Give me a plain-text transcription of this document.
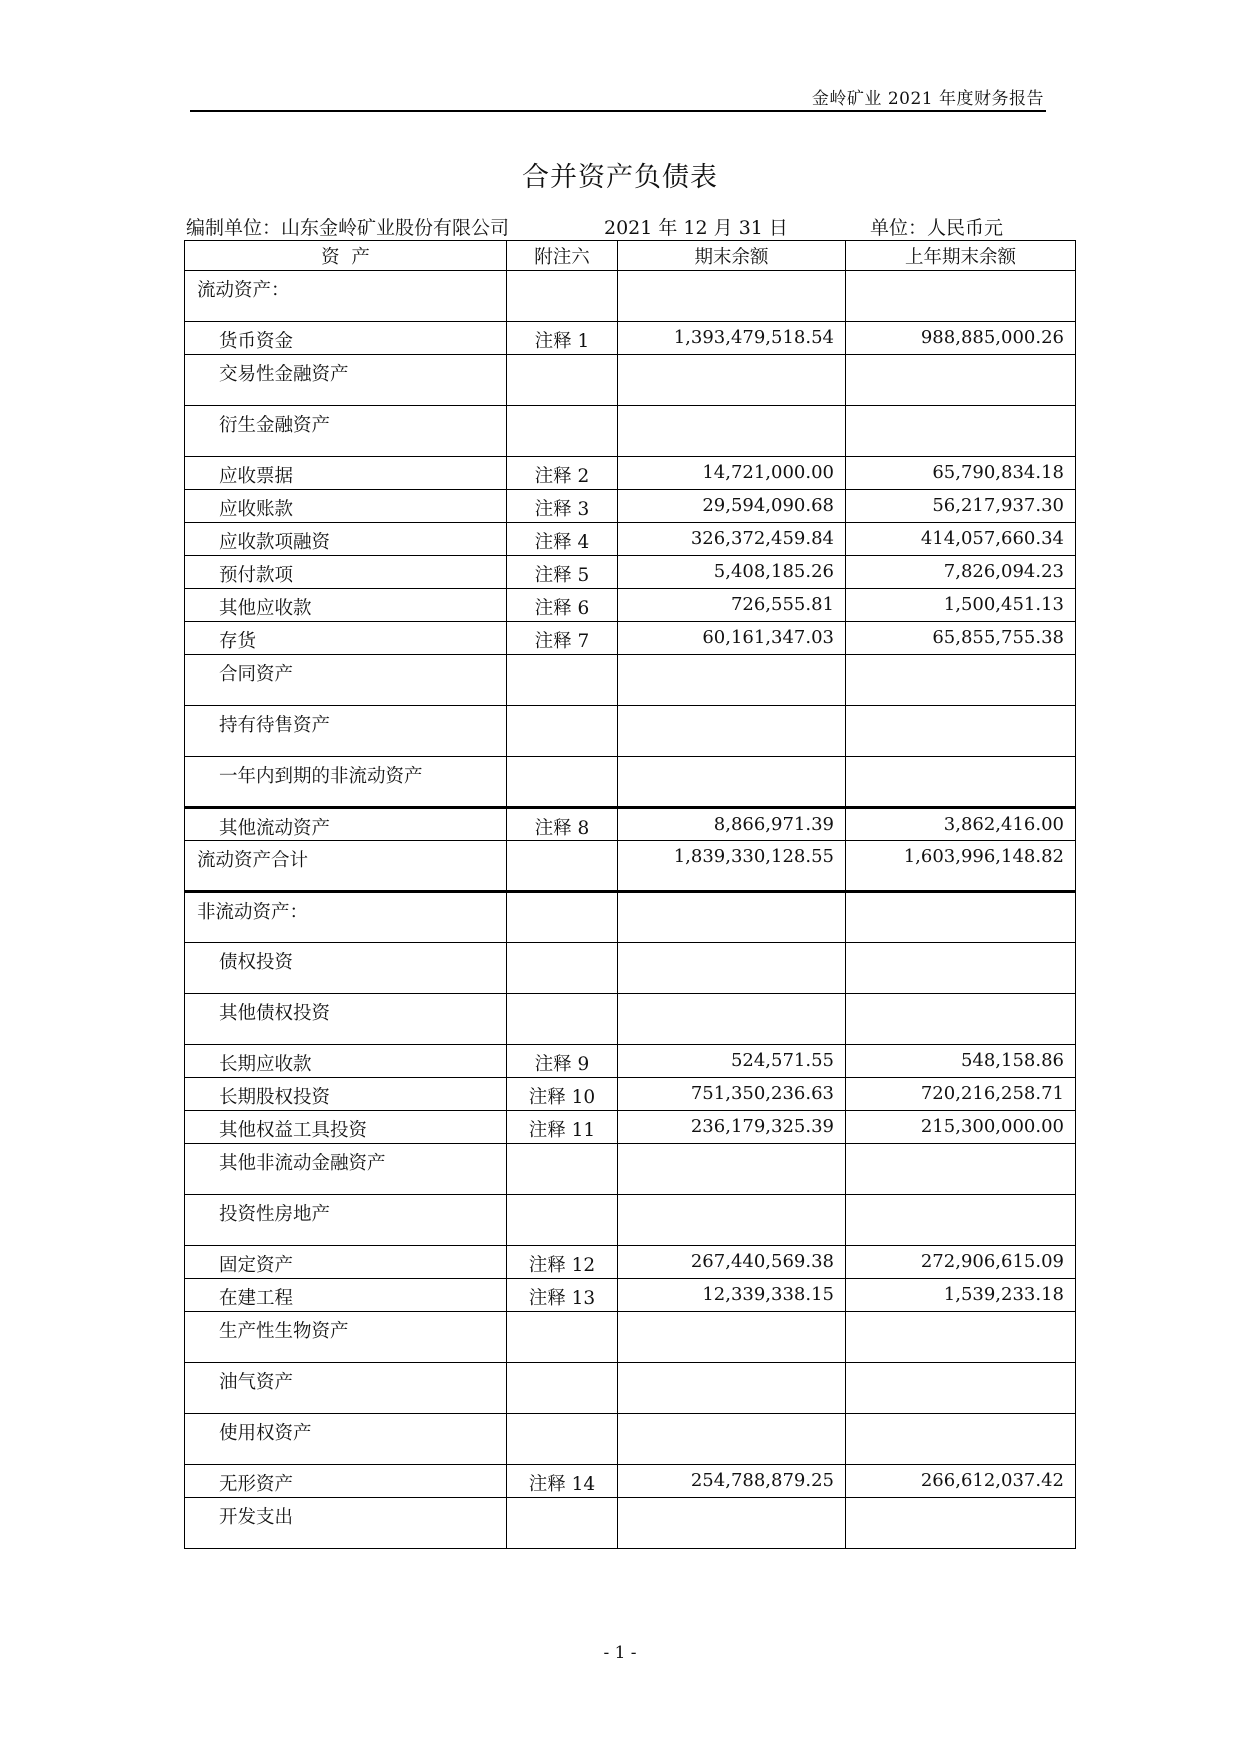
金岭矿业 2021 年度财务报告
合并资产负债表
编制单位：山东金岭矿业股份有限公司	2021 年 12 月 31 日	单位：人民币元
资  产	附注六	期末余额	上年期末余额
流动资产：			
货币资金	注释 1	1,393,479,518.54	988,885,000.26
交易性金融资产			
衍生金融资产			
应收票据	注释 2	14,721,000.00	65,790,834.18
应收账款	注释 3	29,594,090.68	56,217,937.30
应收款项融资	注释 4	326,372,459.84	414,057,660.34
预付款项	注释 5	5,408,185.26	7,826,094.23
其他应收款	注释 6	726,555.81	1,500,451.13
存货	注释 7	60,161,347.03	65,855,755.38
合同资产			
持有待售资产			
一年内到期的非流动资产			
其他流动资产	注释 8	8,866,971.39	3,862,416.00
流动资产合计		1,839,330,128.55	1,603,996,148.82
非流动资产：			
债权投资			
其他债权投资			
长期应收款	注释 9	524,571.55	548,158.86
长期股权投资	注释 10	751,350,236.63	720,216,258.71
其他权益工具投资	注释 11	236,179,325.39	215,300,000.00
其他非流动金融资产			
投资性房地产			
固定资产	注释 12	267,440,569.38	272,906,615.09
在建工程	注释 13	12,339,338.15	1,539,233.18
生产性生物资产			
油气资产			
使用权资产			
无形资产	注释 14	254,788,879.25	266,612,037.42
开发支出			
- 1 -
